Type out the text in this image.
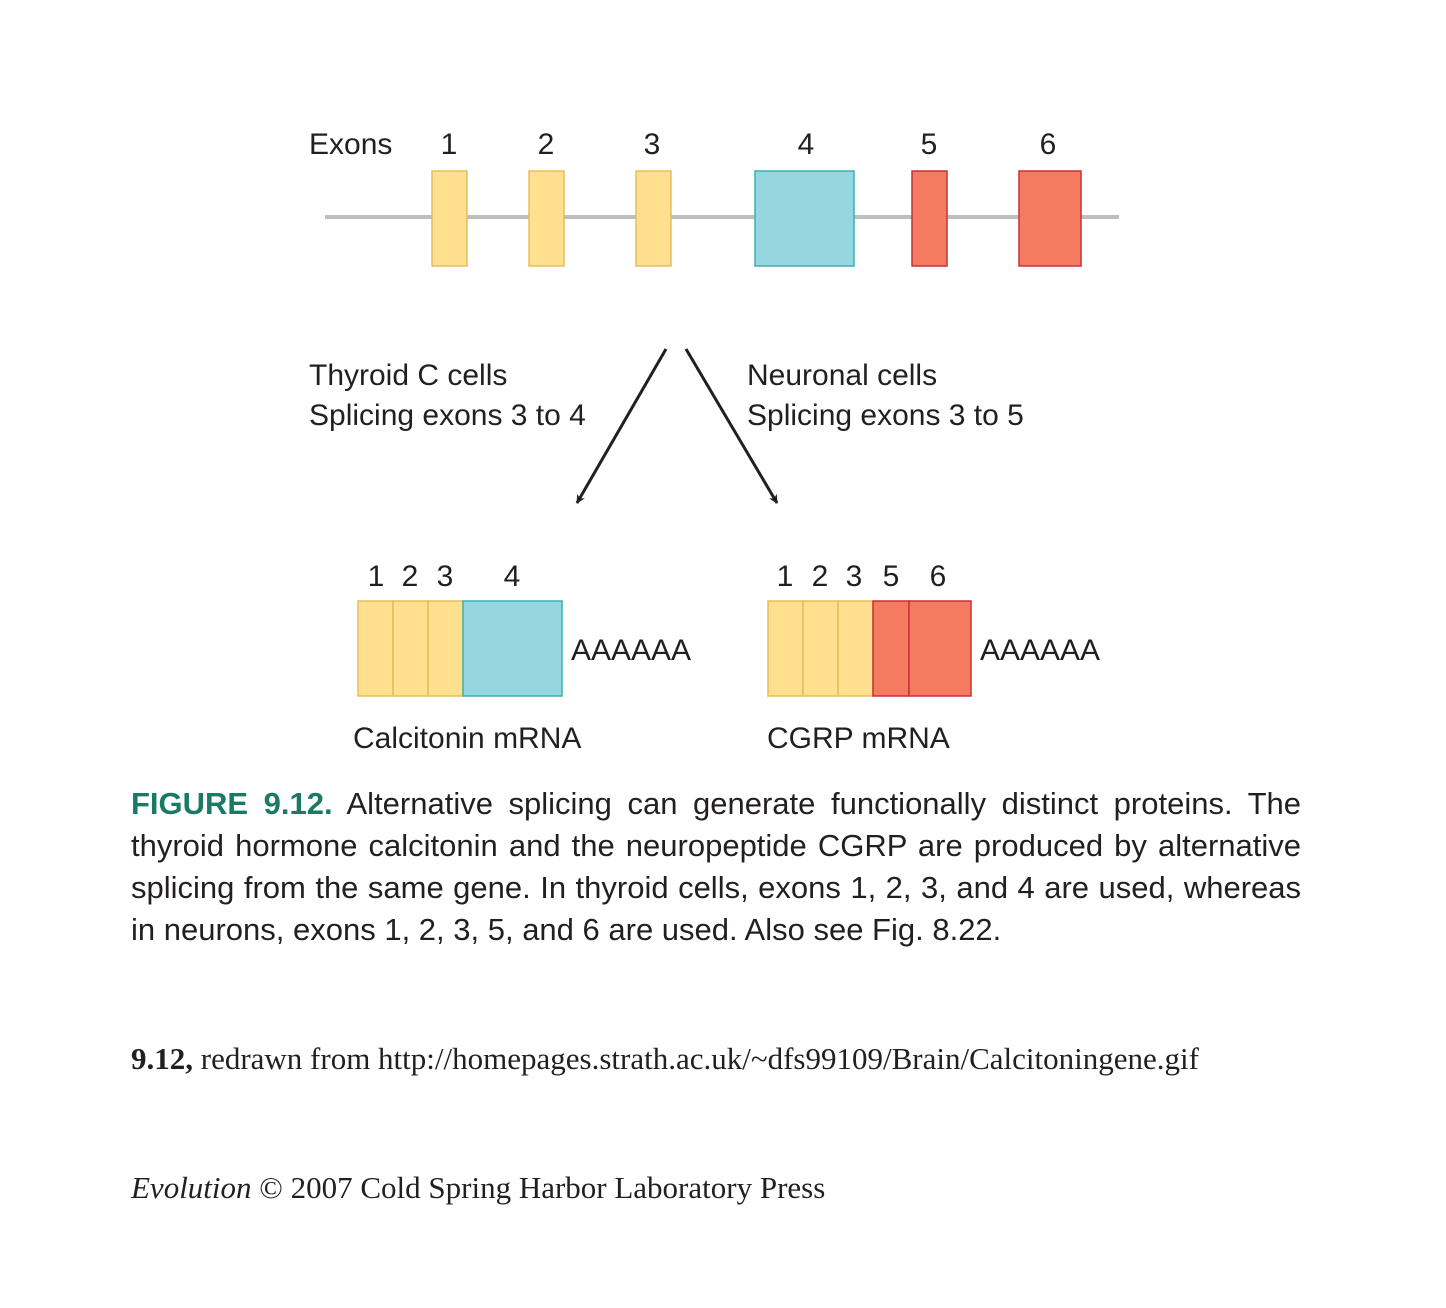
Exons 1	2	3	4	5	6
Thyroid C cells
Splicing exons 3 to 4
Neuronal cells
Splicing exons 3 to 5
1 2 3 4
AAAAAA
Calcitonin mRNA
1 2 3 5 6
AAAAAA
CGRP mRNA

FIGURE 9.12. Alternative splicing can generate functionally distinct proteins. The thyroid hormone calcitonin and the neuropeptide CGRP are produced by alternative splicing from the same gene. In thyroid cells, exons 1, 2, 3, and 4 are used, whereas in neurons, exons 1, 2, 3, 5, and 6 are used. Also see Fig. 8.22.

9.12, redrawn from http://homepages.strath.ac.uk/~dfs99109/Brain/Calcitoningene.gif

Evolution © 2007 Cold Spring Harbor Laboratory Press
